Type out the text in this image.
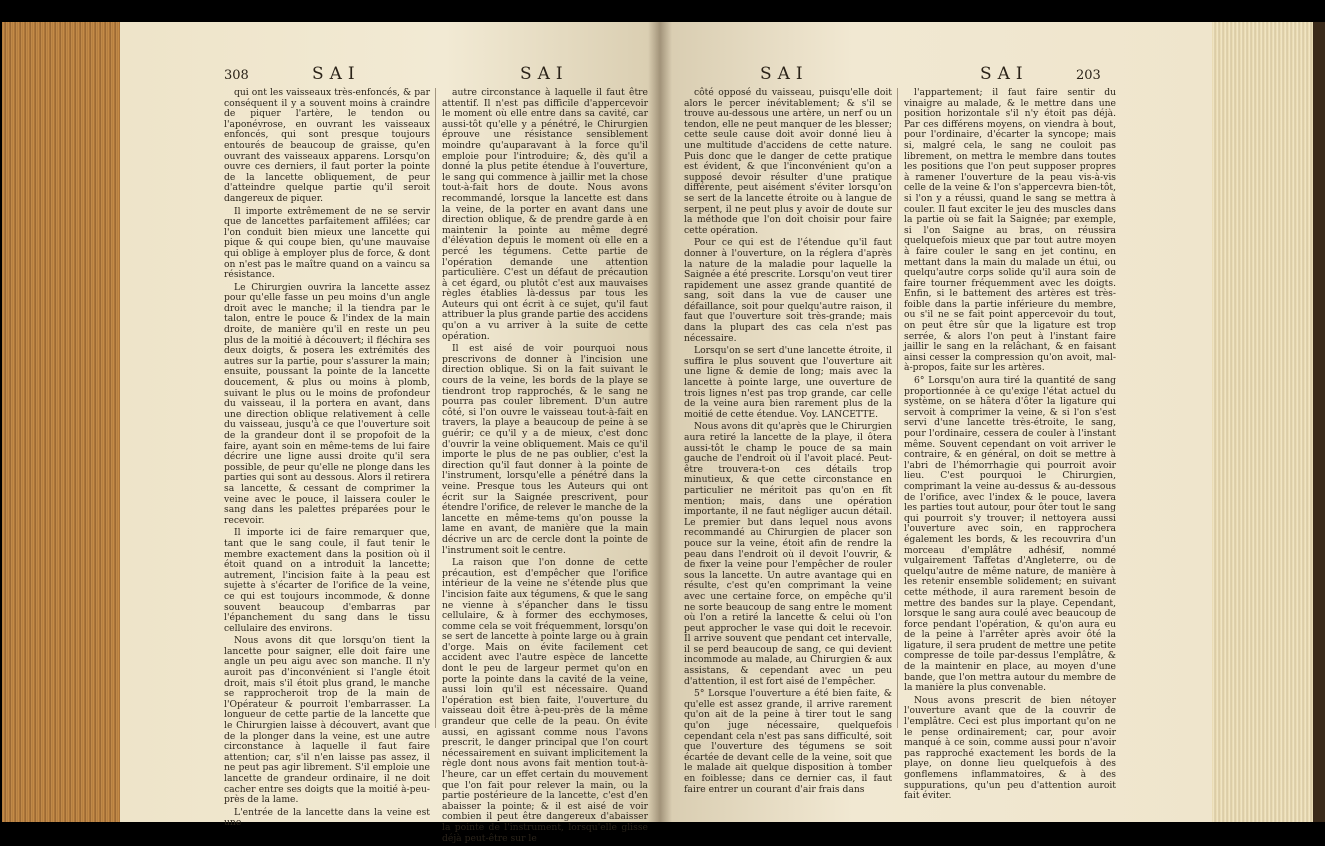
308	SAI	SAI

qui ont les vaisseaux très-enfoncés, & par conséquent il y a souvent moins à craindre de piquer l'artère, le tendon ou l'aponévrose, en ouvrant les vaisseaux enfoncés, qui sont presque toujours entourés de beaucoup de graisse, qu'en ouvrant des vaisseaux apparens. Lorsqu'on ouvre ces derniers, il faut porter la pointe de la lancette obliquement, de peur d'atteindre quelque partie qu'il seroit dangereux de piquer.

Il importe extrêmement de ne se servir que de lancettes parfaitement affilées; car l'on conduit bien mieux une lancette qui pique & qui coupe bien, qu'une mauvaise qui oblige à employer plus de force, & dont on n'est pas le maître quand on a vaincu sa résistance.

Le Chirurgien ouvrira la lancette assez pour qu'elle fasse un peu moins d'un angle droit avec le manche; il la tiendra par le talon, entre le pouce & l'index de la main droite, de manière qu'il en reste un peu plus de la moitié à découvert; il fléchira ses deux doigts, & posera les extrémités des autres sur la partie, pour s'assurer la main; ensuite, poussant la pointe de la lancette doucement, & plus ou moins à plomb, suivant le plus ou le moins de profondeur du vaisseau, il la portera en avant, dans une direction oblique relativement à celle du vaisseau, jusqu'à ce que l'ouverture soit de la grandeur dont il se propofoit de la faire, ayant soin en même-tems de lui faire décrire une ligne aussi droite qu'il sera possible, de peur qu'elle ne plonge dans les parties qui sont au dessous. Alors il retirera sa lancette, & cessant de comprimer la veine avec le pouce, il laissera couler le sang dans les palettes préparées pour le recevoir.

Il importe ici de faire remarquer que, tant que le sang coule, il faut tenir le membre exactement dans la position où il étoit quand on a introduit la lancette; autrement, l'incision faite à la peau est sujette à s'écarter de l'orifice de la veine, ce qui est toujours incommode, & donne souvent beaucoup d'embarras par l'épanchement du sang dans le tissu cellulaire des environs.

Nous avons dit que lorsqu'on tient la lancette pour saigner, elle doit faire une angle un peu aigu avec son manche. Il n'y auroit pas d'inconvénient si l'angle étoit droit, mais s'il étoit plus grand, le manche se rapprocheroit trop de la main de l'Opérateur & pourroit l'embarrasser. La longueur de cette partie de la lancette que le Chirurgien laisse à découvert, avant que de la plonger dans la veine, est une autre circonstance à laquelle il faut faire attention; car, s'il n'en laisse pas assez, il ne peut pas agir librement. S'il emploie une lancette de grandeur ordinaire, il ne doit cacher entre ses doigts que la moitié à-peu-près de la lame.

L'entrée de la lancette dans la veine est une

autre circonstance à laquelle il faut être attentif. Il n'est pas difficile d'appercevoir le moment où elle entre dans sa cavité, car aussi-tôt qu'elle y a pénétré, le Chirurgien éprouve une résistance sensiblement moindre qu'auparavant à la force qu'il emploie pour l'introduire; &, dès qu'il a donné la plus petite étendue à l'ouverture, le sang qui commence à jaillir met la chose tout-à-fait hors de doute. Nous avons recommandé, lorsque la lancette est dans la veine, de la porter en avant dans une direction oblique, & de prendre garde à en maintenir la pointe au même degré d'élévation depuis le moment où elle en a percé les tégumens. Cette partie de l'opération demande une attention particulière. C'est un défaut de précaution à cet égard, ou plutôt c'est aux mauvaises règles établies là-dessus par tous les Auteurs qui ont écrit à ce sujet, qu'il faut attribuer la plus grande partie des accidens qu'on a vu arriver à la suite de cette opération.

Il est aisé de voir pourquoi nous prescrivons de donner à l'incision une direction oblique. Si on la fait suivant le cours de la veine, les bords de la playe se tiendront trop rapprochés, & le sang ne pourra pas couler librement. D'un autre côté, si l'on ouvre le vaisseau tout-à-fait en travers, la playe a beaucoup de peine à se guérir; ce qu'il y a de mieux, c'est donc d'ouvrir la veine obliquement. Mais ce qu'il importe le plus de ne pas oublier, c'est la direction qu'il faut donner à la pointe de l'instrument, lorsqu'elle a pénétré dans la veine. Presque tous les Auteurs qui ont écrit sur la Saignée prescrivent, pour étendre l'orifice, de relever le manche de la lancette en même-tems qu'on pousse la lame en avant, de manière que la main décrive un arc de cercle dont la pointe de l'instrument soit le centre.

La raison que l'on donne de cette précaution, est d'empêcher que l'orifice intérieur de la veine ne s'étende plus que l'incision faite aux tégumens, & que le sang ne vienne à s'épancher dans le tissu cellulaire, & à former des ecchymoses, comme cela se voit fréquemment, lorsqu'on se sert de lancette à pointe large ou à grain d'orge. Mais on évite facilement cet accident avec l'autre espèce de lancette dont le peu de largeur permet qu'on en porte la pointe dans la cavité de la veine, aussi loin qu'il est nécessaire. Quand l'opération est bien faite, l'ouverture du vaisseau doit être à-peu-près de la même grandeur que celle de la peau. On évite aussi, en agissant comme nous l'avons prescrit, le danger principal que l'on court nécessairement en suivant implicitement la règle dont nous avons fait mention tout-à-l'heure, car un effet certain du mouvement que l'on fait pour relever la main, ou la partie postérieure de la lancette, c'est d'en abaisser la pointe; & il est aisé de voir combien il peut être dangereux d'abaisser la pointe de l'instrument, lorsqu'elle glisse déjà peut-être sur le

SAI	SAI	203

côté opposé du vaisseau, puisqu'elle doit alors le percer inévitablement; & s'il se trouve au-dessous une artère, un nerf ou un tendon, elle ne peut manquer de les blesser; cette seule cause doit avoir donné lieu à une multitude d'accidens de cette nature. Puis donc que le danger de cette pratique est évident, & que l'inconvénient qu'on a supposé devoir résulter d'une pratique différente, peut aisément s'éviter lorsqu'on se sert de la lancette étroite ou à langue de serpent, il ne peut plus y avoir de doute sur la méthode que l'on doit choisir pour faire cette opération.

Pour ce qui est de l'étendue qu'il faut donner à l'ouverture, on la réglera d'après la nature de la maladie pour laquelle la Saignée a été prescrite. Lorsqu'on veut tirer rapidement une assez grande quantité de sang, soit dans la vue de causer une défaillance, soit pour quelqu'autre raison, il faut que l'ouverture soit très-grande; mais dans la plupart des cas cela n'est pas nécessaire.

Lorsqu'on se sert d'une lancette étroite, il suffira le plus souvent que l'ouverture ait une ligne & demie de long; mais avec la lancette à pointe large, une ouverture de trois lignes n'est pas trop grande, car celle de la veine aura bien rarement plus de la moitié de cette étendue. Voy. LANCETTE.

Nous avons dit qu'après que le Chirurgien aura retiré la lancette de la playe, il ôtera aussi-tôt le champ le pouce de sa main gauche de l'endroit où il l'avoit placé. Peut-être trouvera-t-on ces détails trop minutieux, & que cette circonstance en particulier ne méritoit pas qu'on en fît mention; mais, dans une opération importante, il ne faut négliger aucun détail. Le premier but dans lequel nous avons recommandé au Chirurgien de placer son pouce sur la veine, étoit afin de rendre la peau dans l'endroit où il devoit l'ouvrir, & de fixer la veine pour l'empêcher de rouler sous la lancette. Un autre avantage qui en résulte, c'est qu'en comprimant la veine avec une certaine force, on empêche qu'il ne sorte beaucoup de sang entre le moment où l'on a retiré la lancette & celui où l'on peut approcher le vase qui doit le recevoir. Il arrive souvent que pendant cet intervalle, il se perd beaucoup de sang, ce qui devient incommode au malade, au Chirurgien & aux assistans, & cependant avec un peu d'attention, il est fort aisé de l'empêcher.

5° Lorsque l'ouverture a été bien faite, & qu'elle est assez grande, il arrive rarement qu'on ait de la peine à tirer tout le sang qu'on juge nécessaire, quelquefois cependant cela n'est pas sans difficulté, soit que l'ouverture des tégumens se soit écartée de devant celle de la veine, soit que le malade ait quelque disposition à tomber en foiblesse; dans ce dernier cas, il faut faire entrer un courant d'air frais dans

l'appartement; il faut faire sentir du vinaigre au malade, & le mettre dans une position horizontale s'il n'y étoit pas déjà. Par ces différens moyens, on viendra à bout, pour l'ordinaire, d'écarter la syncope; mais si, malgré cela, le sang ne couloit pas librement, on mettra le membre dans toutes les positions que l'on peut supposer propres à ramener l'ouverture de la peau vis-à-vis celle de la veine & l'on s'appercevra bien-tôt, si l'on y a réussi, quand le sang se mettra à couler. Il faut exciter le jeu des muscles dans la partie où se fait la Saignée; par exemple, si l'on Saigne au bras, on réussira quelquefois mieux que par tout autre moyen à faire couler le sang en jet continu, en mettant dans la main du malade un étui, ou quelqu'autre corps solide qu'il aura soin de faire tourner fréquemment avec les doigts. Enfin, si le battement des artères est très-foible dans la partie inférieure du membre, ou s'il ne se fait point appercevoir du tout, on peut être sûr que la ligature est trop serrée, & alors l'on peut à l'instant faire jaillir le sang en la relâchant, & en faisant ainsi cesser la compression qu'on avoit, mal-à-propos, faite sur les artères.

6° Lorsqu'on aura tiré la quantité de sang proportionnée à ce qu'exige l'état actuel du système, on se hâtera d'ôter la ligature qui servoit à comprimer la veine, & si l'on s'est servi d'une lancette très-étroite, le sang, pour l'ordinaire, cessera de couler à l'instant même. Souvent cependant on voit arriver le contraire, & en général, on doit se mettre à l'abri de l'hémorrhagie qui pourroit avoir lieu. C'est pourquoi le Chirurgien, comprimant la veine au-dessus & au-dessous de l'orifice, avec l'index & le pouce, lavera les parties tout autour, pour ôter tout le sang qui pourroit s'y trouver; il nettoyera aussi l'ouverture avec soin, en rapprochera également les bords, & les recouvrira d'un morceau d'emplâtre adhésif, nommé vulgairement Taffetas d'Angleterre, ou de quelqu'autre de même nature, de manière à les retenir ensemble solidement; en suivant cette méthode, il aura rarement besoin de mettre des bandes sur la playe. Cependant, lorsque le sang aura coulé avec beaucoup de force pendant l'opération, & qu'on aura eu de la peine à l'arrêter après avoir ôté la ligature, il sera prudent de mettre une petite compresse de toile par-dessus l'emplâtre, & de la maintenir en place, au moyen d'une bande, que l'on mettra autour du membre de la manière la plus convenable.

Nous avons prescrit de bien nétoyer l'ouverture avant que de la couvrir de l'emplâtre. Ceci est plus important qu'on ne le pense ordinairement; car, pour avoir manqué à ce soin, comme aussi pour n'avoir pas rapproché exactement les bords de la playe, on donne lieu quelquefois à des gonflemens inflammatoires, & à des suppurations, qu'un peu d'attention auroit fait éviter.
